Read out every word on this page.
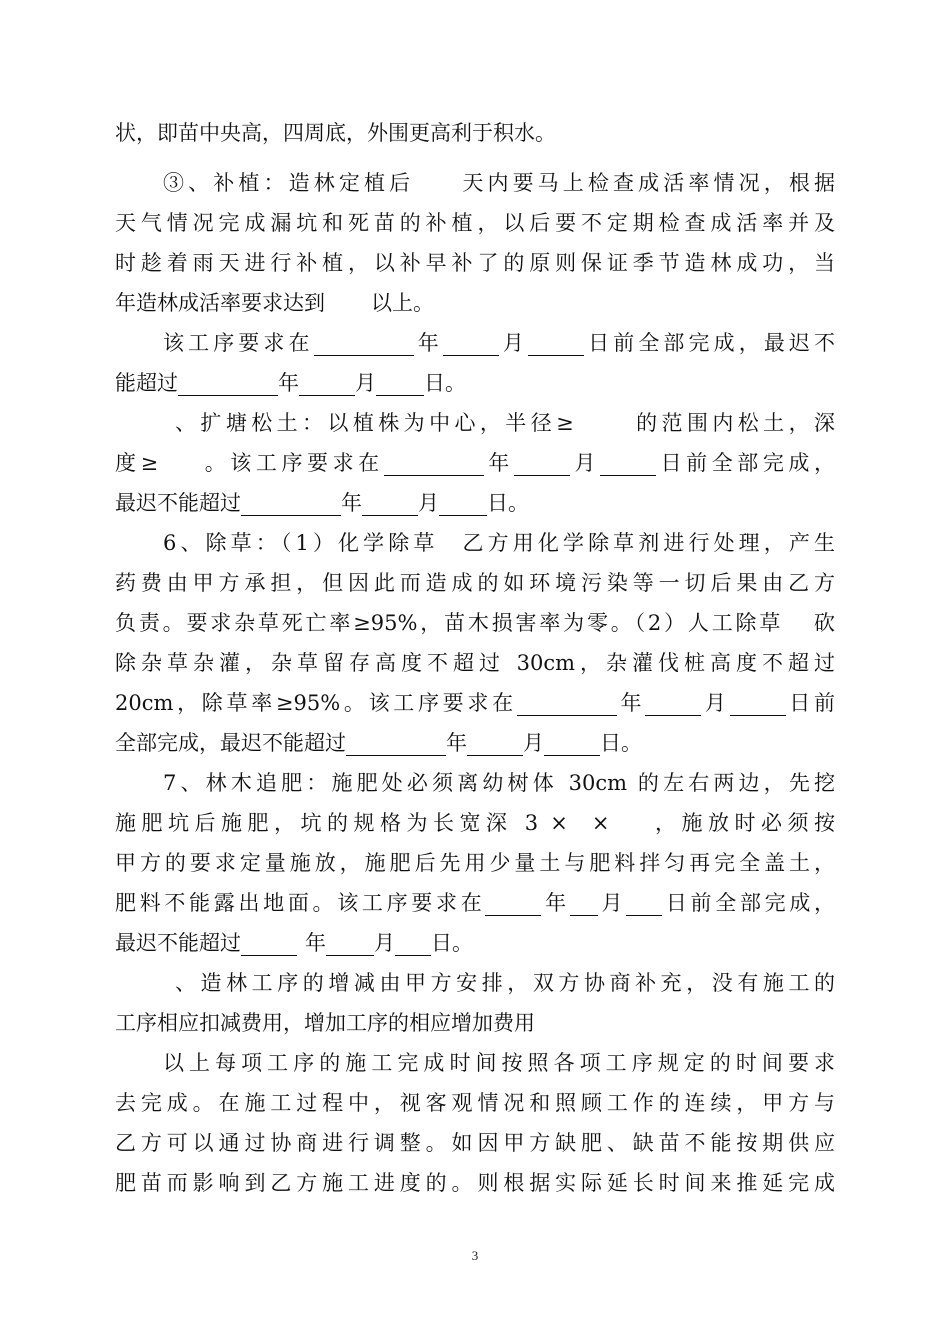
状，即苗中央高，四周底，外围更高利于积水。
③、补植：造林定植后 天内要马上检查成活率情况，根据
天气情况完成漏坑和死苗的补植，以后要不定期检查成活率并及
时趁着雨天进行补植，以补早补了的原则保证季节造林成功，当
年造林成活率要求达到 以上。
该工序要求在	年	月	日前全部完成，最迟不
能超过	年	月 日。
、扩塘松土：以植株为中心，半径≥	的范围内松土，深
度≥ 。该工序要求在	年	月	日前全部完成，
最迟不能超过	年	月 日。
6、除草：（1）化学除草 乙方用化学除草剂进行处理，产生
药费由甲方承担，但因此而造成的如环境污染等一切后果由乙方
负责。要求杂草死亡率≥95%，苗木损害率为零。（2）人工除草 砍
除杂草杂灌，杂草留存高度不超过 30cm，杂灌伐桩高度不超过
20cm，除草率≥95%。该工序要求在	年	月	日前
全部完成，最迟不能超过	年	月	日。
7、林木追肥：施肥处必须离幼树体 30cm 的左右两边，先挖
施肥坑后施肥，坑的规格为长宽深 3 × × ，施放时必须按
甲方的要求定量施放，施肥后先用少量土与肥料拌匀再完全盖土，
肥料不能露出地面。该工序要求在	年 月 日前全部完成，
最迟不能超过	年 月 日。
、造林工序的增减由甲方安排，双方协商补充，没有施工的
工序相应扣减费用，增加工序的相应增加费用
以上每项工序的施工完成时间按照各项工序规定的时间要求
去完成。在施工过程中，视客观情况和照顾工作的连续，甲方与
乙方可以通过协商进行调整。如因甲方缺肥、缺苗不能按期供应
肥苗而影响到乙方施工进度的。则根据实际延长时间来推延完成
3
